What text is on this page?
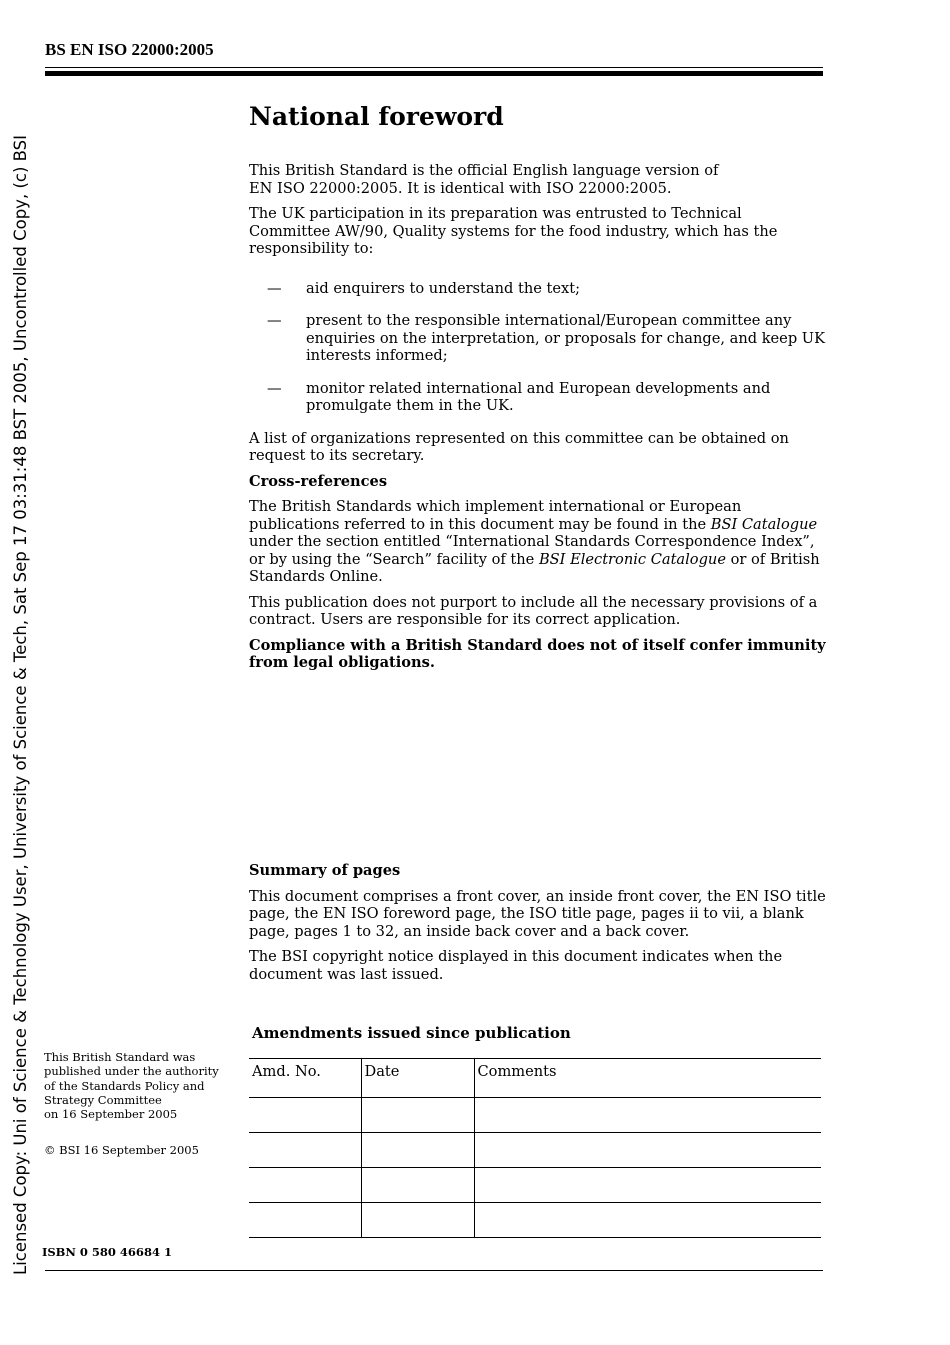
Licensed Copy: Uni of Science & Technology User, University of Science & Tech, Sat Sep 17 03:31:48 BST 2005, Uncontrolled Copy, (c) BSI
BS EN ISO 22000:2005
National foreword

This British Standard is the official English language version of EN ISO 22000:2005. It is identical with ISO 22000:2005.

The UK participation in its preparation was entrusted to Technical Committee AW/90, Quality systems for the food industry, which has the responsibility to:

— aid enquirers to understand the text;
— present to the responsible international/European committee any enquiries on the interpretation, or proposals for change, and keep UK interests informed;
— monitor related international and European developments and promulgate them in the UK.

A list of organizations represented on this committee can be obtained on request to its secretary.

Cross-references

The British Standards which implement international or European publications referred to in this document may be found in the BSI Catalogue under the section entitled “International Standards Correspondence Index”, or by using the “Search” facility of the BSI Electronic Catalogue or of British Standards Online.

This publication does not purport to include all the necessary provisions of a contract. Users are responsible for its correct application.

Compliance with a British Standard does not of itself confer immunity from legal obligations.

Summary of pages

This document comprises a front cover, an inside front cover, the EN ISO title page, the EN ISO foreword page, the ISO title page, pages ii to vii, a blank page, pages 1 to 32, an inside back cover and a back cover.

The BSI copyright notice displayed in this document indicates when the document was last issued.

This British Standard was
published under the authority
of the Standards Policy and
Strategy Committee
on 16 September 2005
© BSI 16 September 2005
ISBN 0 580 46684 1
Amendments issued since publication
Amd. No.	Date	Comments
